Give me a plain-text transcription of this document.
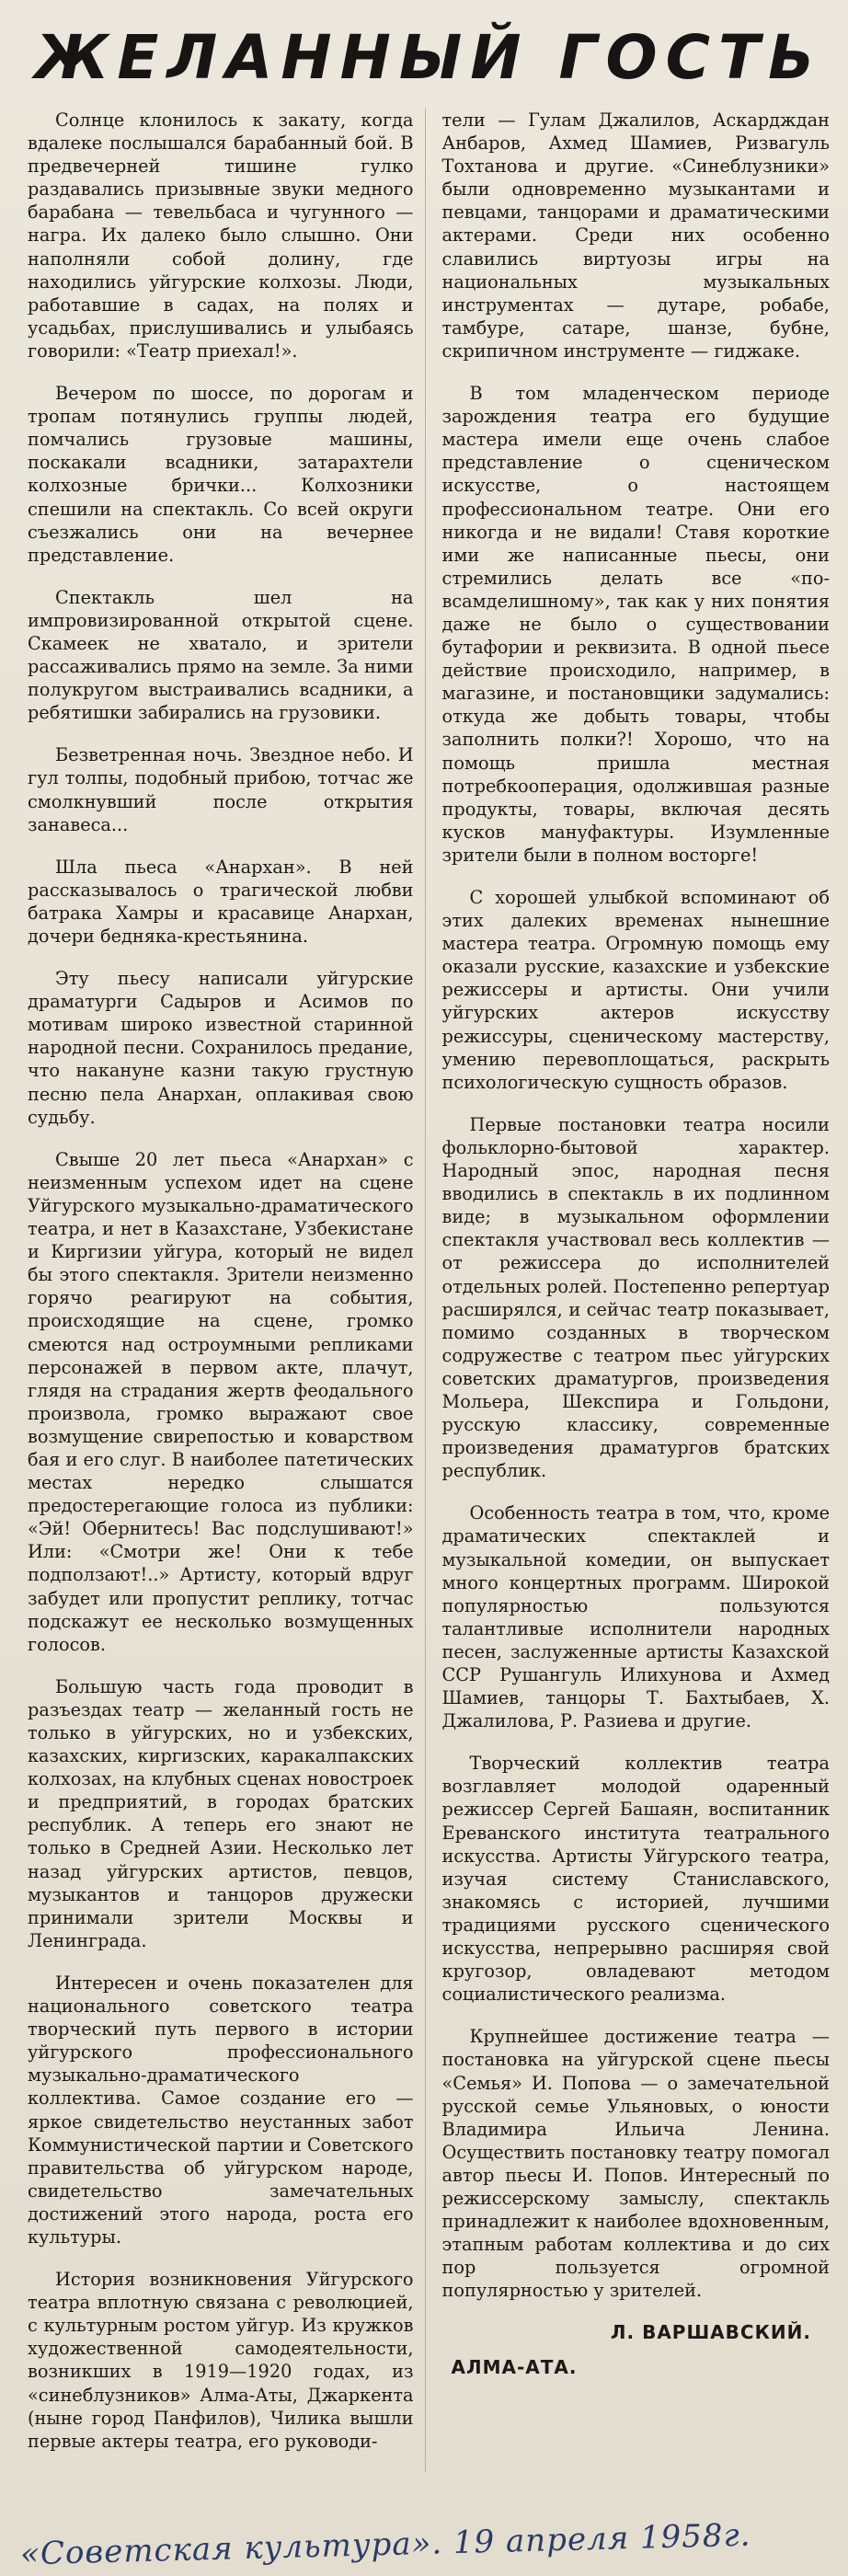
ЖЕЛАННЫЙ ГОСТЬ

Солнце клонилось к закату, когда вдалеке послышался барабанный бой. В предвечерней тишине гулко раздавались призывные звуки медного барабана — тевельбаса и чугунного — награ. Их далеко было слышно. Они наполняли собой долину, где находились уйгурские колхозы. Люди, работавшие в садах, на полях и усадьбах, прислушивались и улыбаясь говорили: «Театр приехал!».

Вечером по шоссе, по дорогам и тропам потянулись группы людей, помчались грузовые машины, поскакали всадники, затарахтели колхозные брички... Колхозники спешили на спектакль. Со всей округи съезжались они на вечернее представление.

Спектакль шел на импровизированной открытой сцене. Скамеек не хватало, и зрители рассаживались прямо на земле. За ними полукругом выстраивались всадники, а ребятишки забирались на грузовики.

Безветренная ночь. Звездное небо. И гул толпы, подобный прибою, тотчас же смолкнувший после открытия занавеса...

Шла пьеса «Анархан». В ней рассказывалось о трагической любви батрака Хамры и красавице Анархан, дочери бедняка-крестьянина.

Эту пьесу написали уйгурские драматурги Садыров и Асимов по мотивам широко известной старинной народной песни. Сохранилось предание, что накануне казни такую грустную песню пела Анархан, оплакивая свою судьбу.

Свыше 20 лет пьеса «Анархан» с неизменным успехом идет на сцене Уйгурского музыкально-драматического театра, и нет в Казахстане, Узбекистане и Киргизии уйгура, который не видел бы этого спектакля. Зрители неизменно горячо реагируют на события, происходящие на сцене, громко смеются над остроумными репликами персонажей в первом акте, плачут, глядя на страдания жертв феодального произвола, громко выражают свое возмущение свирепостью и коварством бая и его слуг. В наиболее патетических местах нередко слышатся предостерегающие голоса из публики: «Эй! Обернитесь! Вас подслушивают!» Или: «Смотри же! Они к тебе подползают!..» Артисту, который вдруг забудет или пропустит реплику, тотчас подскажут ее несколько возмущенных голосов.

Большую часть года проводит в разъездах театр — желанный гость не только в уйгурских, но и узбекских, казахских, киргизских, каракалпакских колхозах, на клубных сценах новостроек и предприятий, в городах братских республик. А теперь его знают не только в Средней Азии. Несколько лет назад уйгурских артистов, певцов, музыкантов и танцоров дружески принимали зрители Москвы и Ленинграда.

Интересен и очень показателен для национального советского театра творческий путь первого в истории уйгурского профессионального музыкально-драматического коллектива. Самое создание его — яркое свидетельство неустанных забот Коммунистической партии и Советского правительства об уйгурском народе, свидетельство замечательных достижений этого народа, роста его культуры.

История возникновения Уйгурского театра вплотную связана с революцией, с культурным ростом уйгур. Из кружков художественной самодеятельности, возникших в 1919—1920 годах, из «синеблузников» Алма-Аты, Джаркента (ныне город Панфилов), Чилика вышли первые актеры театра, его руководи-

тели — Гулам Джалилов, Аскардждан Анбаров, Ахмед Шамиев, Ризвагуль Тохтанова и другие. «Синеблузники» были одновременно музыкантами и певцами, танцорами и драматическими актерами. Среди них особенно славились виртуозы игры на национальных музыкальных инструментах — дутаре, робабе, тамбуре, сатаре, шанзе, бубне, скрипичном инструменте — гиджаке.

В том младенческом периоде зарождения театра его будущие мастера имели еще очень слабое представление о сценическом искусстве, о настоящем профессиональном театре. Они его никогда и не видали! Ставя короткие ими же написанные пьесы, они стремились делать все «по-всамделишному», так как у них понятия даже не было о существовании бутафории и реквизита. В одной пьесе действие происходило, например, в магазине, и постановщики задумались: откуда же добыть товары, чтобы заполнить полки?! Хорошо, что на помощь пришла местная потребкооперация, одолжившая разные продукты, товары, включая десять кусков мануфактуры. Изумленные зрители были в полном восторге!

С хорошей улыбкой вспоминают об этих далеких временах нынешние мастера театра. Огромную помощь ему оказали русские, казахские и узбекские режиссеры и артисты. Они учили уйгурских актеров искусству режиссуры, сценическому мастерству, умению перевоплощаться, раскрыть психологическую сущность образов.

Первые постановки театра носили фольклорно-бытовой характер. Народный эпос, народная песня вводились в спектакль в их подлинном виде; в музыкальном оформлении спектакля участвовал весь коллектив — от режиссера до исполнителей отдельных ролей. Постепенно репертуар расширялся, и сейчас театр показывает, помимо созданных в творческом содружестве с театром пьес уйгурских советских драматургов, произведения Мольера, Шекспира и Гольдони, русскую классику, современные произведения драматургов братских республик.

Особенность театра в том, что, кроме драматических спектаклей и музыкальной комедии, он выпускает много концертных программ. Широкой популярностью пользуются талантливые исполнители народных песен, заслуженные артисты Казахской ССР Рушангуль Илихунова и Ахмед Шамиев, танцоры Т. Бахтыбаев, Х. Джалилова, Р. Разиева и другие.

Творческий коллектив театра возглавляет молодой одаренный режиссер Сергей Башаян, воспитанник Ереванского института театрального искусства. Артисты Уйгурского театра, изучая систему Станиславского, знакомясь с историей, лучшими традициями русского сценического искусства, непрерывно расширяя свой кругозор, овладевают методом социалистического реализма.

Крупнейшее достижение театра — постановка на уйгурской сцене пьесы «Семья» И. Попова — о замечательной русской семье Ульяновых, о юности Владимира Ильича Ленина. Осуществить постановку театру помогал автор пьесы И. Попов. Интересный по режиссерскому замыслу, спектакль принадлежит к наиболее вдохновенным, этапным работам коллектива и до сих пор пользуется огромной популярностью у зрителей.

Л. ВАРШАВСКИЙ.
АЛМА-АТА.
«Советская культура». 19 апреля 1958г.
